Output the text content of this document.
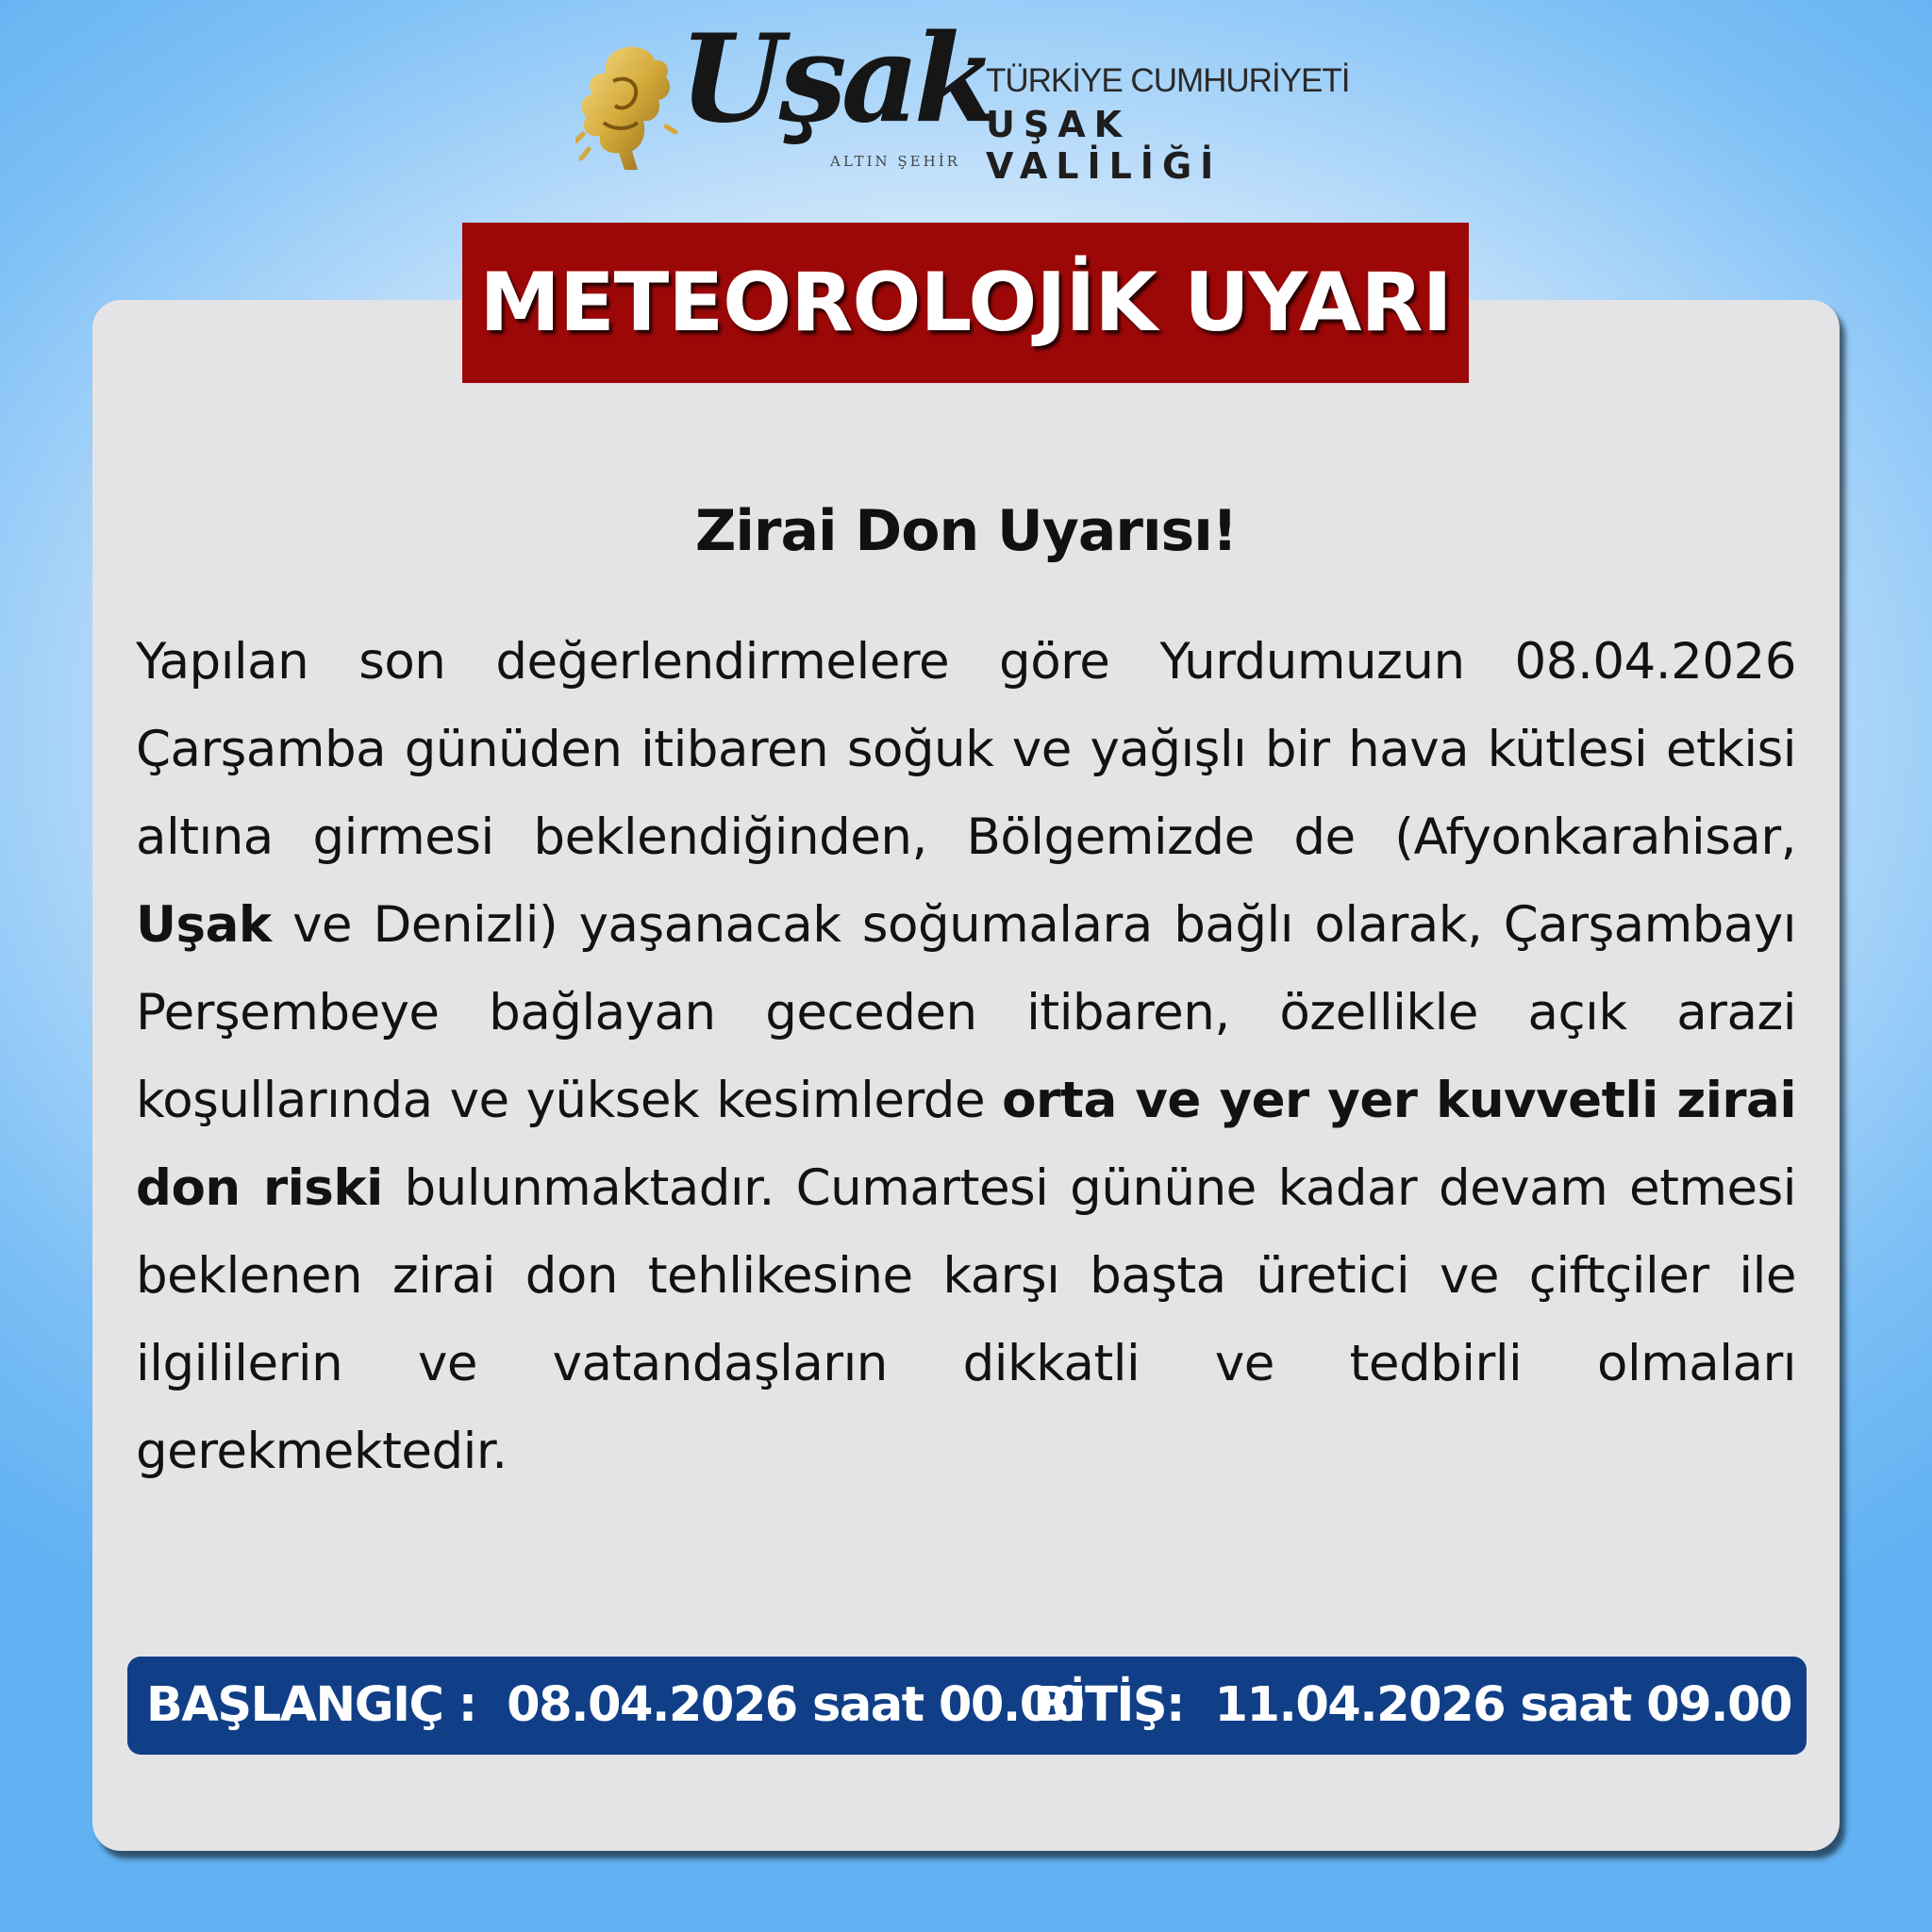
Uşak
ALTIN ŞEHİR
TÜRKİYE CUMHURİYETİ
UŞAK VALİLİĞİ
METEOROLOJİK UYARI
Zirai Don Uyarısı!
Yapılan son değerlendirmelere göre Yurdumuzun 08.04.2026 Çarşamba günüden itibaren soğuk ve yağışlı bir hava kütlesi etkisi altına girmesi beklendiğinden, Bölgemizde de (Afyonkarahisar, Uşak ve Denizli) yaşanacak soğumalara bağlı olarak, Çarşambayı Perşembeye bağlayan geceden itibaren, özellikle açık arazi koşullarında ve yüksek kesimlerde orta ve yer yer kuvvetli zirai don riski bulunmaktadır. Cumartesi gününe kadar devam etmesi beklenen zirai don tehlikesine karşı başta üretici ve çiftçiler ile ilgililerin ve vatandaşların dikkatli ve tedbirli olmaları gerekmektedir.
BAŞLANGIÇ :  08.04.2026 saat 00.00
BİTİŞ:  11.04.2026 saat 09.00
